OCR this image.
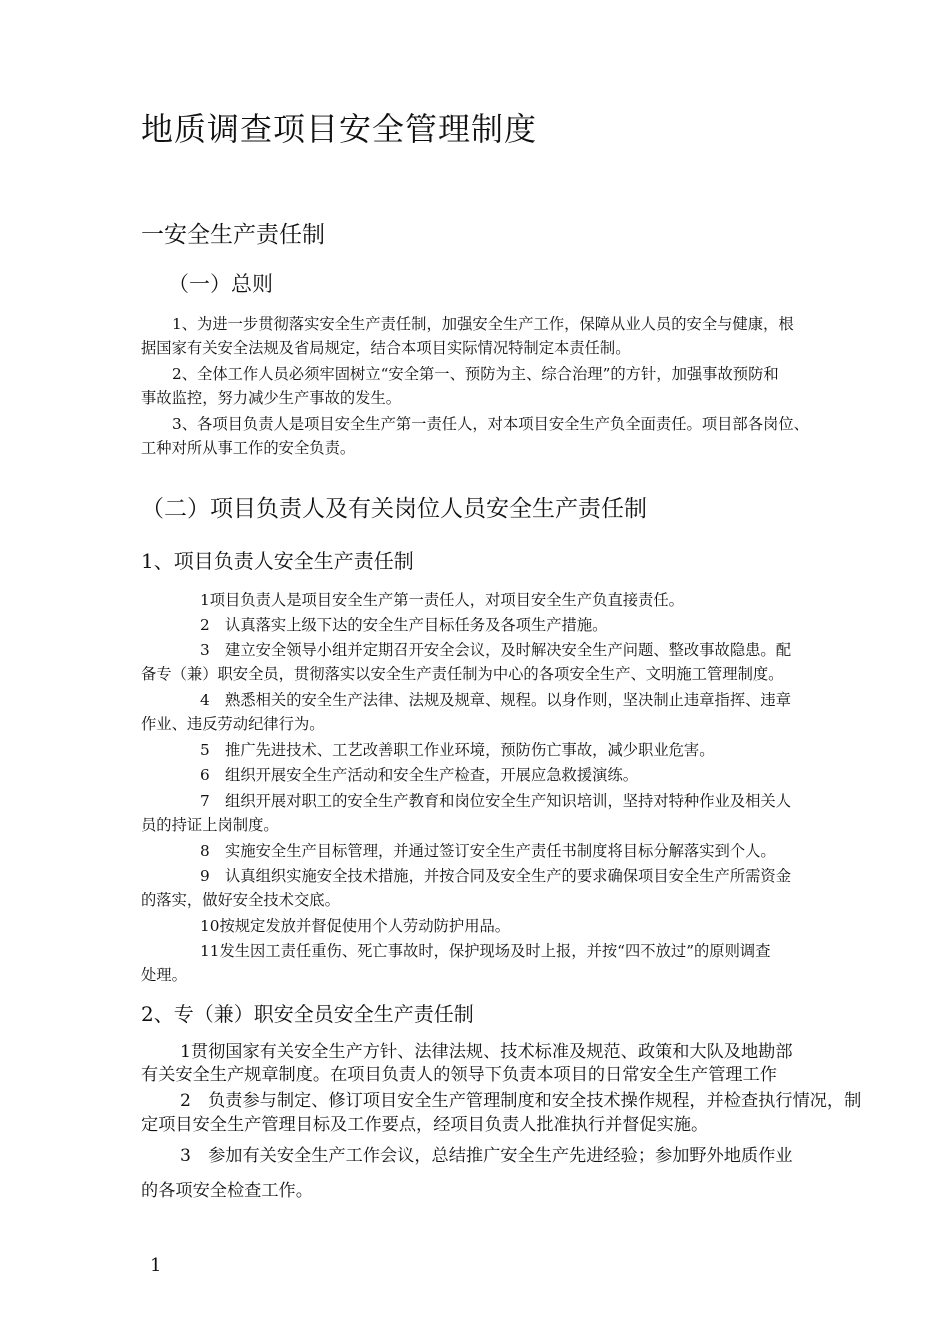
地质调查项目安全管理制度
一安全生产责任制
（一）总则
1、为进一步贯彻落实安全生产责任制，加强安全生产工作，保障从业人员的安全与健康，根
据国家有关安全法规及省局规定，结合本项目实际情况特制定本责任制。
2、全体工作人员必须牢固树立“安全第一、预防为主、综合治理”的方针，加强事故预防和
事故监控，努力减少生产事故的发生。
3、各项目负责人是项目安全生产第一责任人，对本项目安全生产负全面责任。项目部各岗位、
工种对所从事工作的安全负责。
（二）项目负责人及有关岗位人员安全生产责任制
1、项目负责人安全生产责任制
1项目负责人是项目安全生产第一责任人，对项目安全生产负直接责任。
2　认真落实上级下达的安全生产目标任务及各项生产措施。
3　建立安全领导小组并定期召开安全会议，及时解决安全生产问题、整改事故隐患。配
备专（兼）职安全员，贯彻落实以安全生产责任制为中心的各项安全生产、文明施工管理制度。
4　熟悉相关的安全生产法律、法规及规章、规程。以身作则，坚决制止违章指挥、违章
作业、违反劳动纪律行为。
5　推广先进技术、工艺改善职工作业环境，预防伤亡事故，减少职业危害。
6　组织开展安全生产活动和安全生产检查，开展应急救援演练。
7　组织开展对职工的安全生产教育和岗位安全生产知识培训，坚持对特种作业及相关人
员的持证上岗制度。
8　实施安全生产目标管理，并通过签订安全生产责任书制度将目标分解落实到个人。
9　认真组织实施安全技术措施，并按合同及安全生产的要求确保项目安全生产所需资金
的落实，做好安全技术交底。
10按规定发放并督促使用个人劳动防护用品。
11发生因工责任重伤、死亡事故时，保护现场及时上报，并按“四不放过”的原则调查
处理。
2、专（兼）职安全员安全生产责任制
1贯彻国家有关安全生产方针、法律法规、技术标准及规范、政策和大队及地勘部
有关安全生产规章制度。在项目负责人的领导下负责本项目的日常安全生产管理工作
2　负责参与制定、修订项目安全生产管理制度和安全技术操作规程，并检查执行情况，制
定项目安全生产管理目标及工作要点，经项目负责人批准执行并督促实施。
3　参加有关安全生产工作会议，总结推广安全生产先进经验；参加野外地质作业
的各项安全检查工作。
1
